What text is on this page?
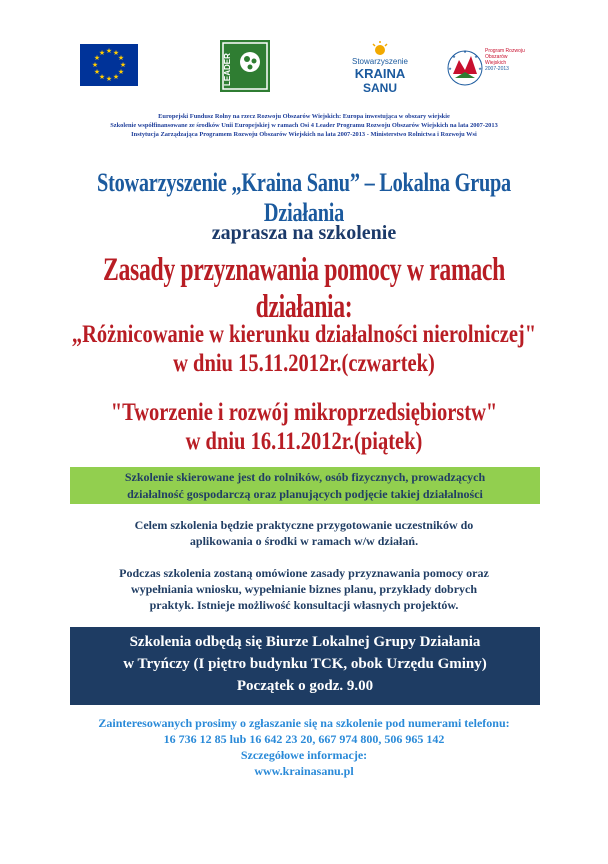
★ ★
★
★
★
★
★
★
★
★
★
★
LEADER	Stowarzyszenie
KRAINA
SANU
★
★
★
★
★
Program Rozwoju Obszarów Wiejskich
2007-2013
Europejski Fundusz Rolny na rzecz Rozwoju Obszarów Wiejskich: Europa inwestująca w obszary wiejskie
Szkolenie współfinansowane ze środków Unii Europejskiej w ramach Osi 4 Leader Programu Rozwoju Obszarów Wiejskich na lata 2007-2013
Instytucja Zarządzająca Programem Rozwoju Obszarów Wiejskich na lata 2007-2013 - Ministerstwo Rolnictwa i Rozwoju Wsi
Stowarzyszenie „Kraina Sanu” – Lokalna Grupa Działania
zaprasza na szkolenie
Zasady przyznawania pomocy w ramach działania:
„Różnicowanie w kierunku działalności nierolniczej"
w dniu 15.11.2012r.(czwartek)
"Tworzenie i rozwój mikroprzedsiębiorstw"
w dniu 16.11.2012r.(piątek)
Szkolenie skierowane jest do rolników, osób fizycznych, prowadzących
działalność gospodarczą oraz planujących podjęcie takiej działalności
Celem szkolenia będzie praktyczne przygotowanie uczestników do
aplikowania o środki w ramach w/w działań.
Podczas szkolenia zostaną omówione zasady przyznawania pomocy oraz
wypełniania wniosku, wypełnianie biznes planu, przykłady dobrych
praktyk. Istnieje możliwość konsultacji własnych projektów.
Szkolenia odbędą się Biurze Lokalnej Grupy Działania
w Tryńczy (I piętro budynku TCK, obok Urzędu Gminy)
Początek o godz. 9.00
Zainteresowanych prosimy o zgłaszanie się na szkolenie pod numerami telefonu:
16 736 12 85 lub 16 642 23 20, 667 974 800, 506 965 142
Szczegółowe informacje:
www.krainasanu.pl
